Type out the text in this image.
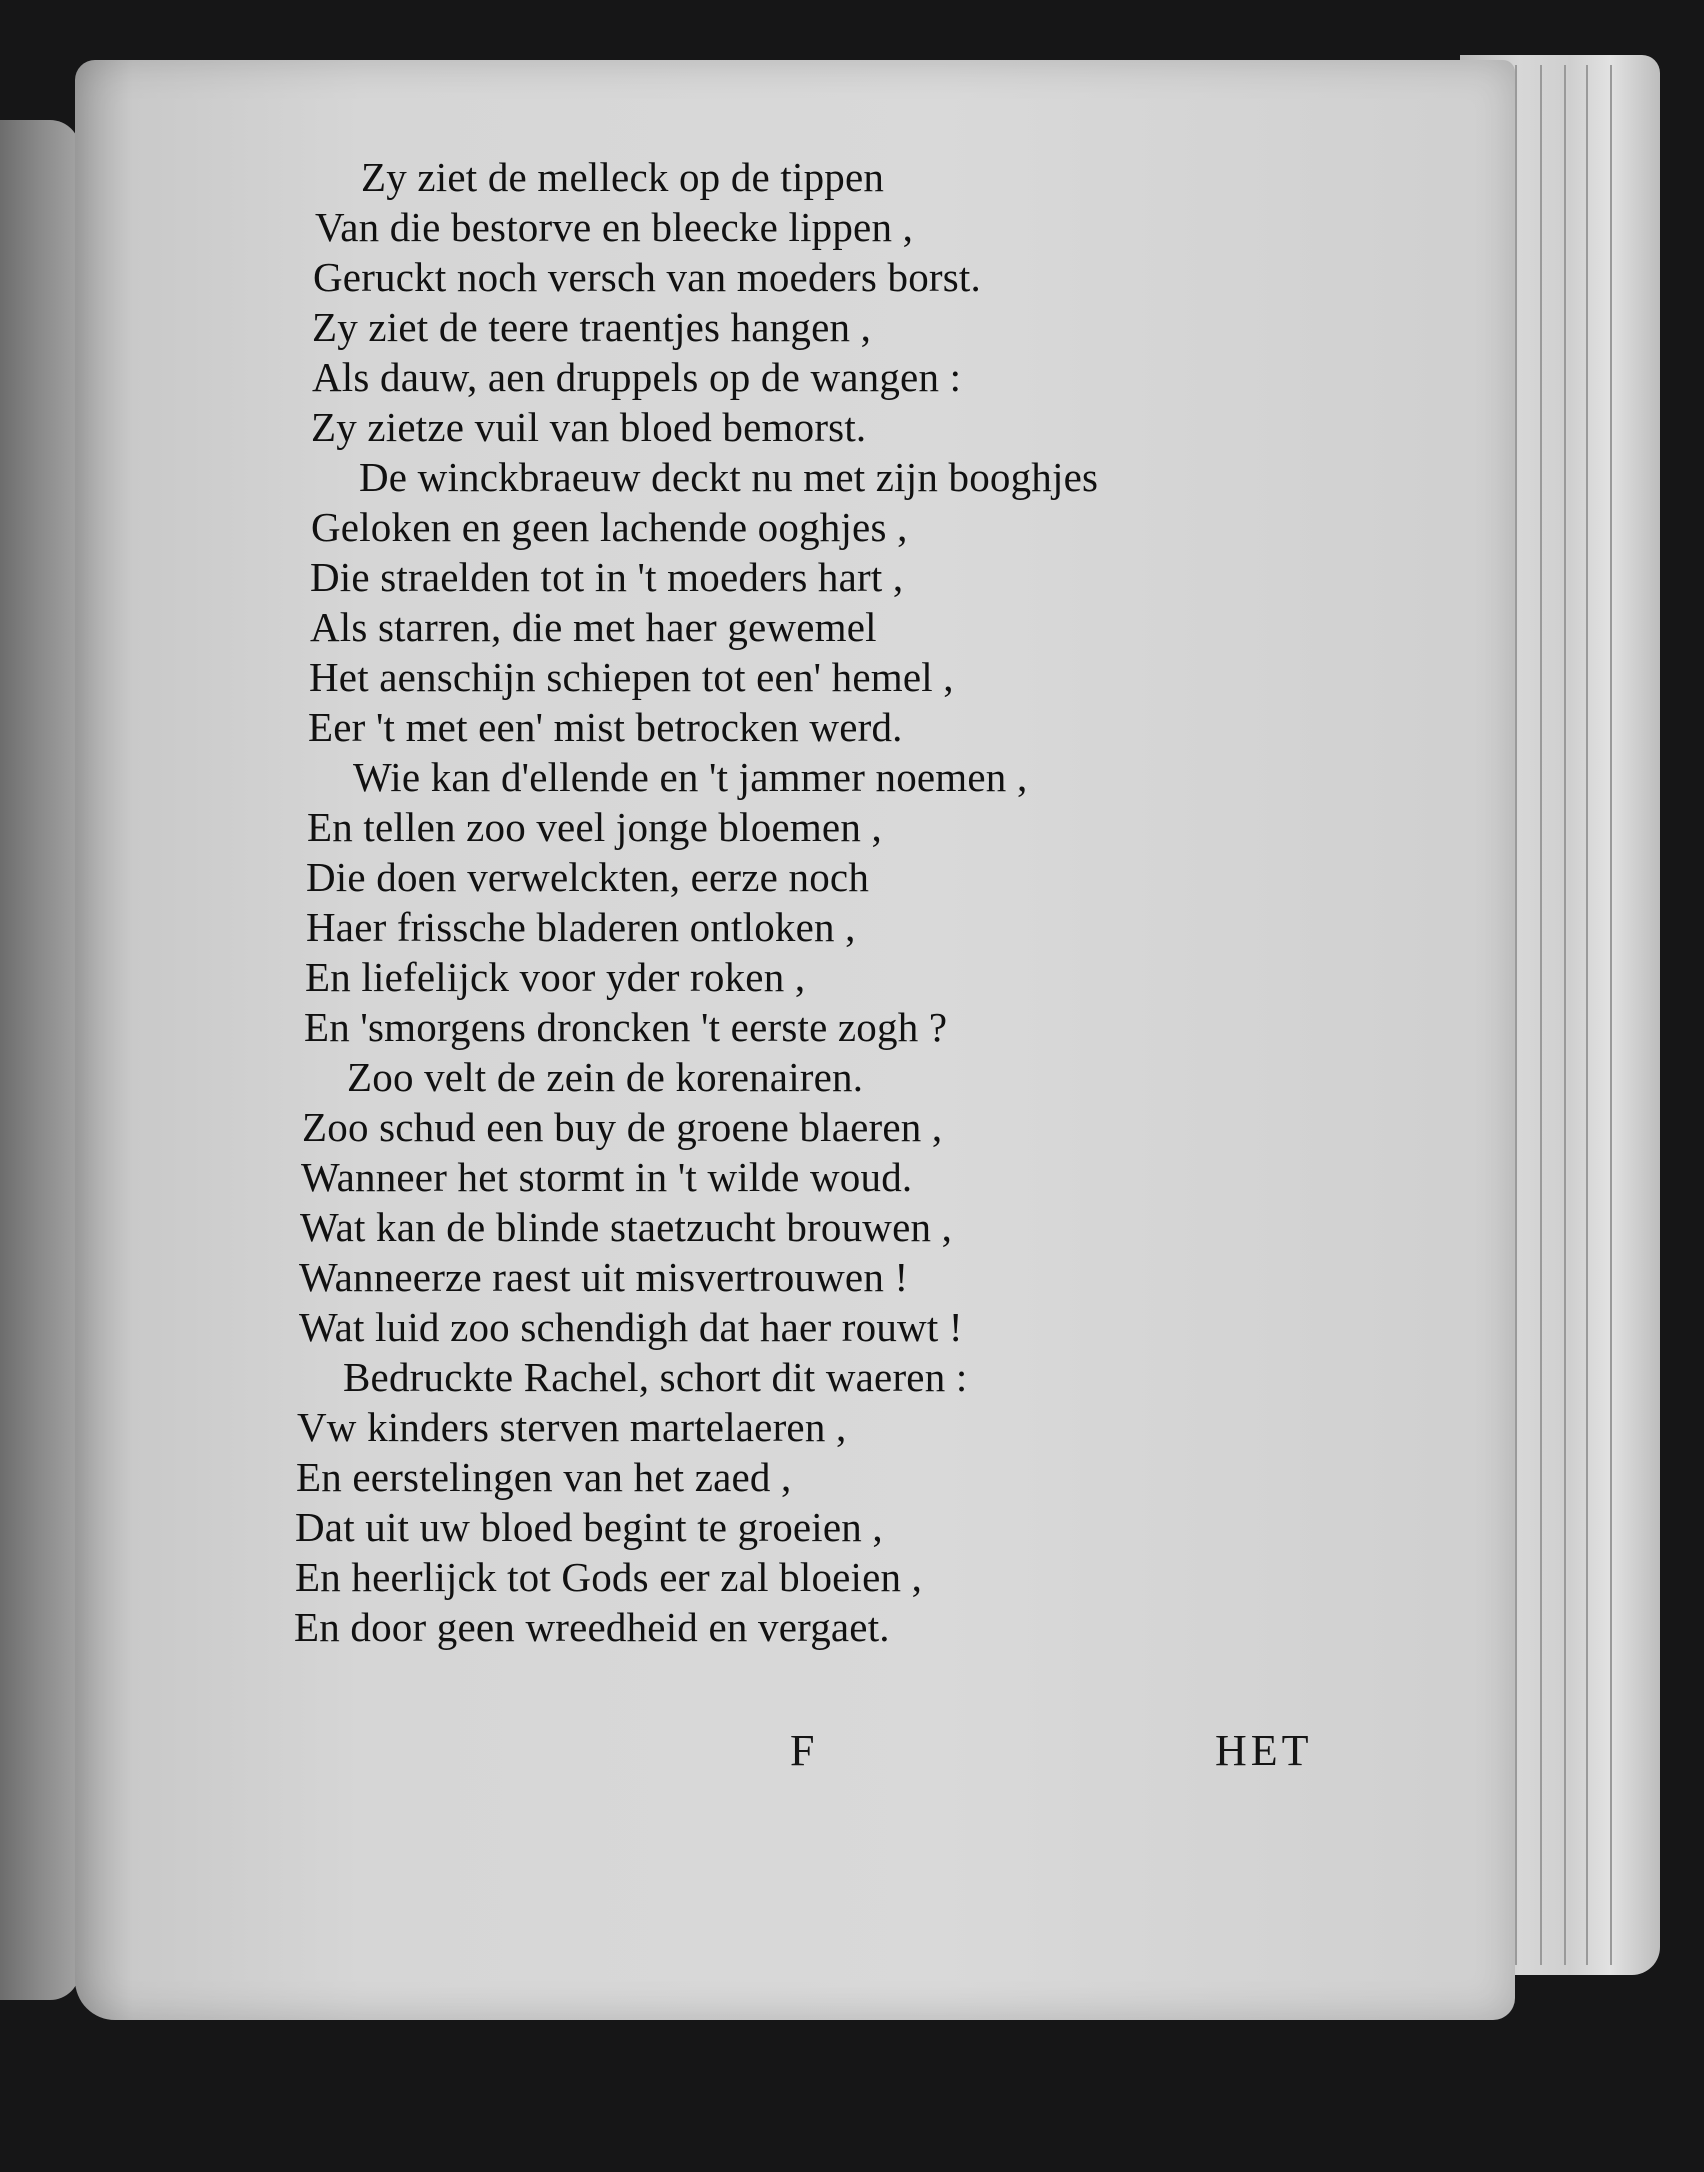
Zy ziet de melleck op de tippen
Van die bestorve en bleecke lippen ,
Geruckt noch versch van moeders borst.
Zy ziet de teere traentjes hangen ,
Als dauw, aen druppels op de wangen :
Zy zietze vuil van bloed bemorst.
De winckbraeuw deckt nu met zijn booghjes
Geloken en geen lachende ooghjes ,
Die straelden tot in 't moeders hart ,
Als starren, die met haer gewemel
Het aenschijn schiepen tot een' hemel ,
Eer 't met een' mist betrocken werd.
Wie kan d'ellende en 't jammer noemen ,
En tellen zoo veel jonge bloemen ,
Die doen verwelckten, eerze noch
Haer frissche bladeren ontloken ,
En liefelijck voor yder roken ,
En 'smorgens droncken 't eerste zogh ?
Zoo velt de zein de korenairen.
Zoo schud een buy de groene blaeren ,
Wanneer het stormt in 't wilde woud.
Wat kan de blinde staetzucht brouwen ,
Wanneerze raest uit misvertrouwen !
Wat luid zoo schendigh dat haer rouwt !
Bedruckte Rachel, schort dit waeren :
Vw kinders sterven martelaeren ,
En eerstelingen van het zaed ,
Dat uit uw bloed begint te groeien ,
En heerlijck tot Gods eer zal bloeien ,
En door geen wreedheid en vergaet.
F	HET
